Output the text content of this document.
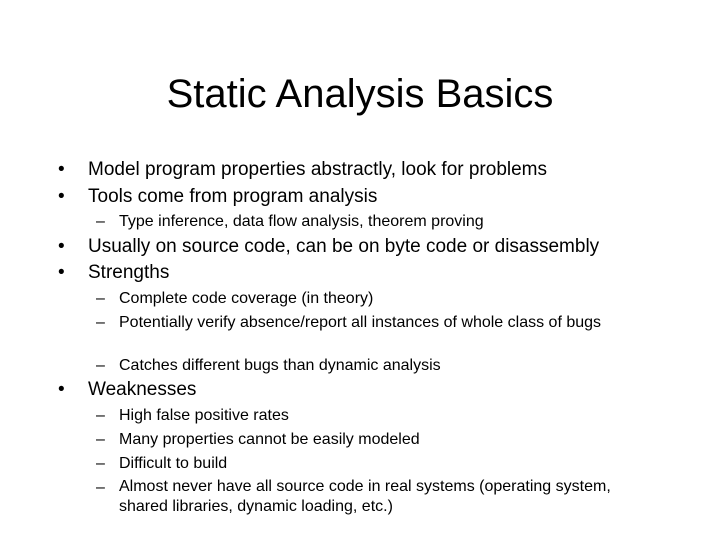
Static Analysis Basics
• Model program properties abstractly, look for problems
• Tools come from program analysis
– Type inference, data flow analysis, theorem proving
• Usually on source code, can be on byte code or disassembly
• Strengths
– Complete code coverage (in theory)
– Potentially verify absence/report all instances of whole class of bugs
– Catches different bugs than dynamic analysis
• Weaknesses
– High false positive rates
– Many properties cannot be easily modeled
– Difficult to build
– Almost never have all source code in real systems (operating system, shared libraries, dynamic loading, etc.)
